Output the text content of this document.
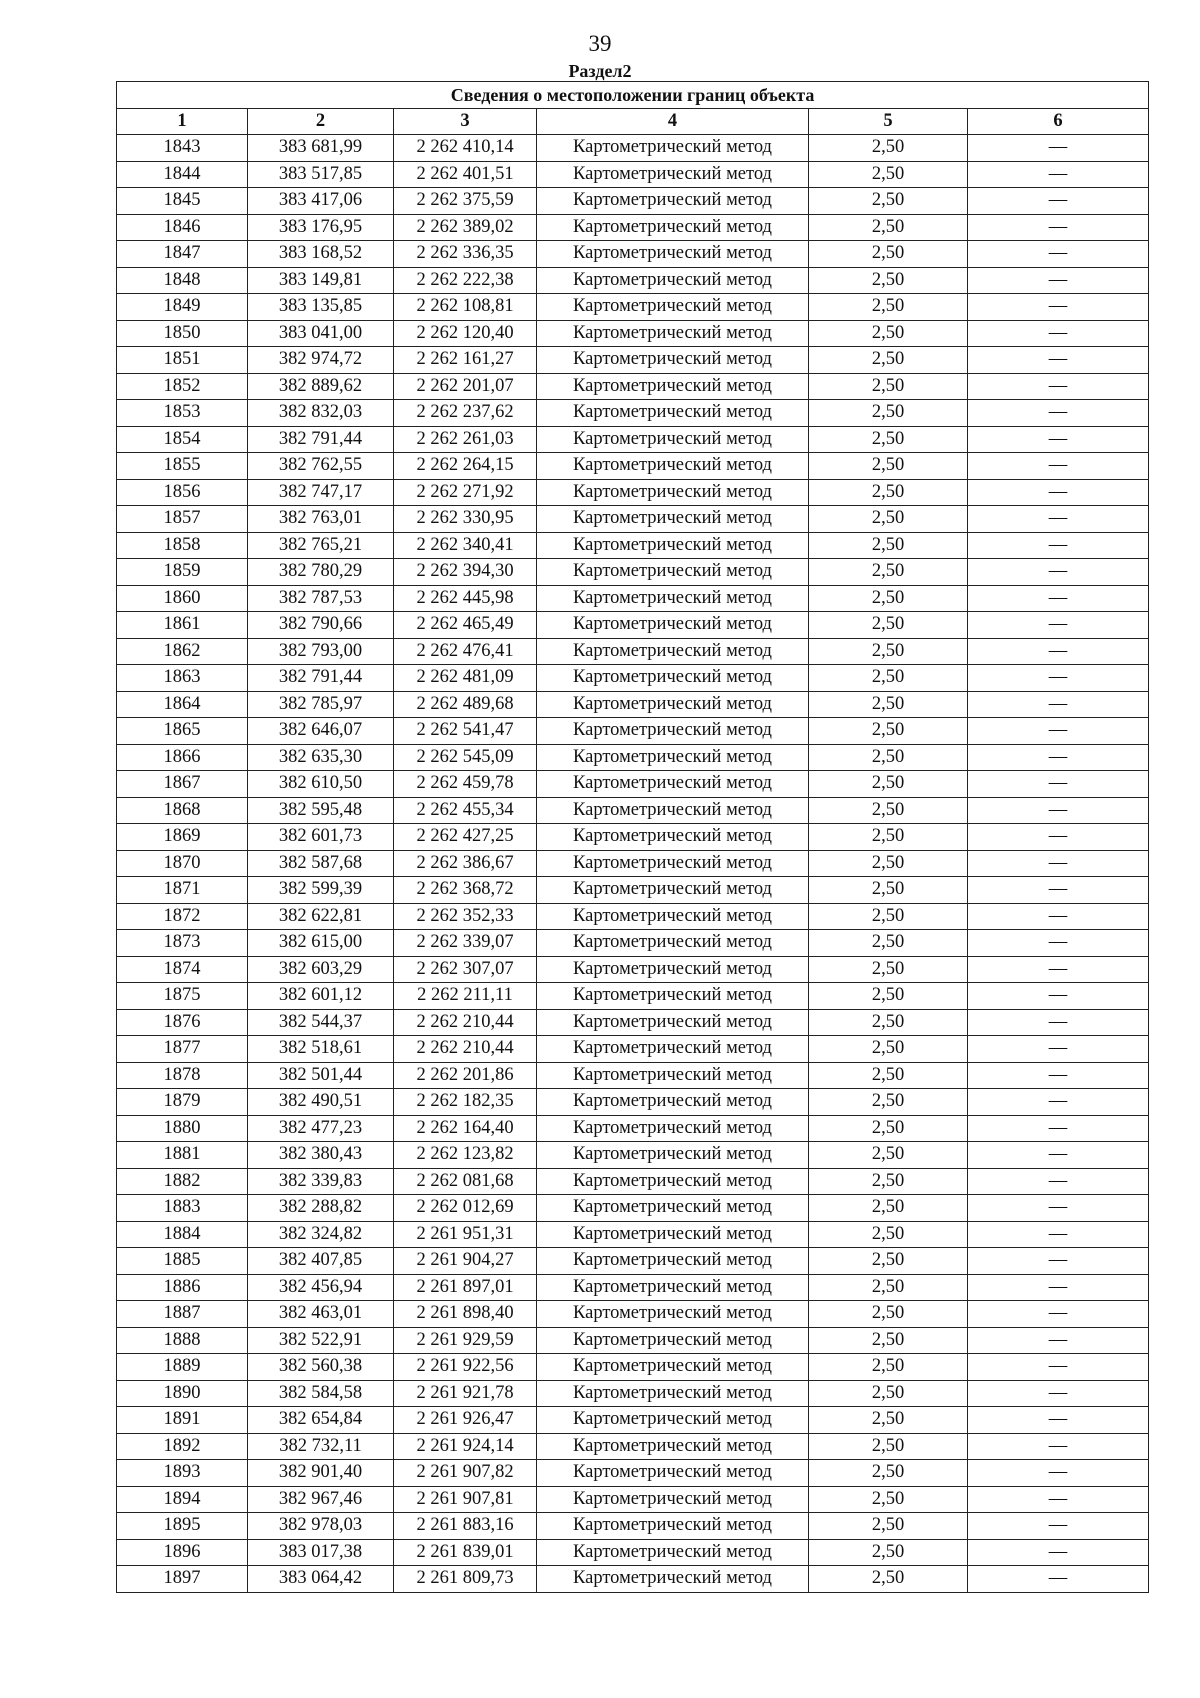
39
Раздел2
Сведения о местоположении границ объекта					
1	2	3	4	5	6
1843	383 681,99	2 262 410,14	Картометрический метод	2,50	—
1844	383 517,85	2 262 401,51	Картометрический метод	2,50	—
1845	383 417,06	2 262 375,59	Картометрический метод	2,50	—
1846	383 176,95	2 262 389,02	Картометрический метод	2,50	—
1847	383 168,52	2 262 336,35	Картометрический метод	2,50	—
1848	383 149,81	2 262 222,38	Картометрический метод	2,50	—
1849	383 135,85	2 262 108,81	Картометрический метод	2,50	—
1850	383 041,00	2 262 120,40	Картометрический метод	2,50	—
1851	382 974,72	2 262 161,27	Картометрический метод	2,50	—
1852	382 889,62	2 262 201,07	Картометрический метод	2,50	—
1853	382 832,03	2 262 237,62	Картометрический метод	2,50	—
1854	382 791,44	2 262 261,03	Картометрический метод	2,50	—
1855	382 762,55	2 262 264,15	Картометрический метод	2,50	—
1856	382 747,17	2 262 271,92	Картометрический метод	2,50	—
1857	382 763,01	2 262 330,95	Картометрический метод	2,50	—
1858	382 765,21	2 262 340,41	Картометрический метод	2,50	—
1859	382 780,29	2 262 394,30	Картометрический метод	2,50	—
1860	382 787,53	2 262 445,98	Картометрический метод	2,50	—
1861	382 790,66	2 262 465,49	Картометрический метод	2,50	—
1862	382 793,00	2 262 476,41	Картометрический метод	2,50	—
1863	382 791,44	2 262 481,09	Картометрический метод	2,50	—
1864	382 785,97	2 262 489,68	Картометрический метод	2,50	—
1865	382 646,07	2 262 541,47	Картометрический метод	2,50	—
1866	382 635,30	2 262 545,09	Картометрический метод	2,50	—
1867	382 610,50	2 262 459,78	Картометрический метод	2,50	—
1868	382 595,48	2 262 455,34	Картометрический метод	2,50	—
1869	382 601,73	2 262 427,25	Картометрический метод	2,50	—
1870	382 587,68	2 262 386,67	Картометрический метод	2,50	—
1871	382 599,39	2 262 368,72	Картометрический метод	2,50	—
1872	382 622,81	2 262 352,33	Картометрический метод	2,50	—
1873	382 615,00	2 262 339,07	Картометрический метод	2,50	—
1874	382 603,29	2 262 307,07	Картометрический метод	2,50	—
1875	382 601,12	2 262 211,11	Картометрический метод	2,50	—
1876	382 544,37	2 262 210,44	Картометрический метод	2,50	—
1877	382 518,61	2 262 210,44	Картометрический метод	2,50	—
1878	382 501,44	2 262 201,86	Картометрический метод	2,50	—
1879	382 490,51	2 262 182,35	Картометрический метод	2,50	—
1880	382 477,23	2 262 164,40	Картометрический метод	2,50	—
1881	382 380,43	2 262 123,82	Картометрический метод	2,50	—
1882	382 339,83	2 262 081,68	Картометрический метод	2,50	—
1883	382 288,82	2 262 012,69	Картометрический метод	2,50	—
1884	382 324,82	2 261 951,31	Картометрический метод	2,50	—
1885	382 407,85	2 261 904,27	Картометрический метод	2,50	—
1886	382 456,94	2 261 897,01	Картометрический метод	2,50	—
1887	382 463,01	2 261 898,40	Картометрический метод	2,50	—
1888	382 522,91	2 261 929,59	Картометрический метод	2,50	—
1889	382 560,38	2 261 922,56	Картометрический метод	2,50	—
1890	382 584,58	2 261 921,78	Картометрический метод	2,50	—
1891	382 654,84	2 261 926,47	Картометрический метод	2,50	—
1892	382 732,11	2 261 924,14	Картометрический метод	2,50	—
1893	382 901,40	2 261 907,82	Картометрический метод	2,50	—
1894	382 967,46	2 261 907,81	Картометрический метод	2,50	—
1895	382 978,03	2 261 883,16	Картометрический метод	2,50	—
1896	383 017,38	2 261 839,01	Картометрический метод	2,50	—
1897	383 064,42	2 261 809,73	Картометрический метод	2,50	—
